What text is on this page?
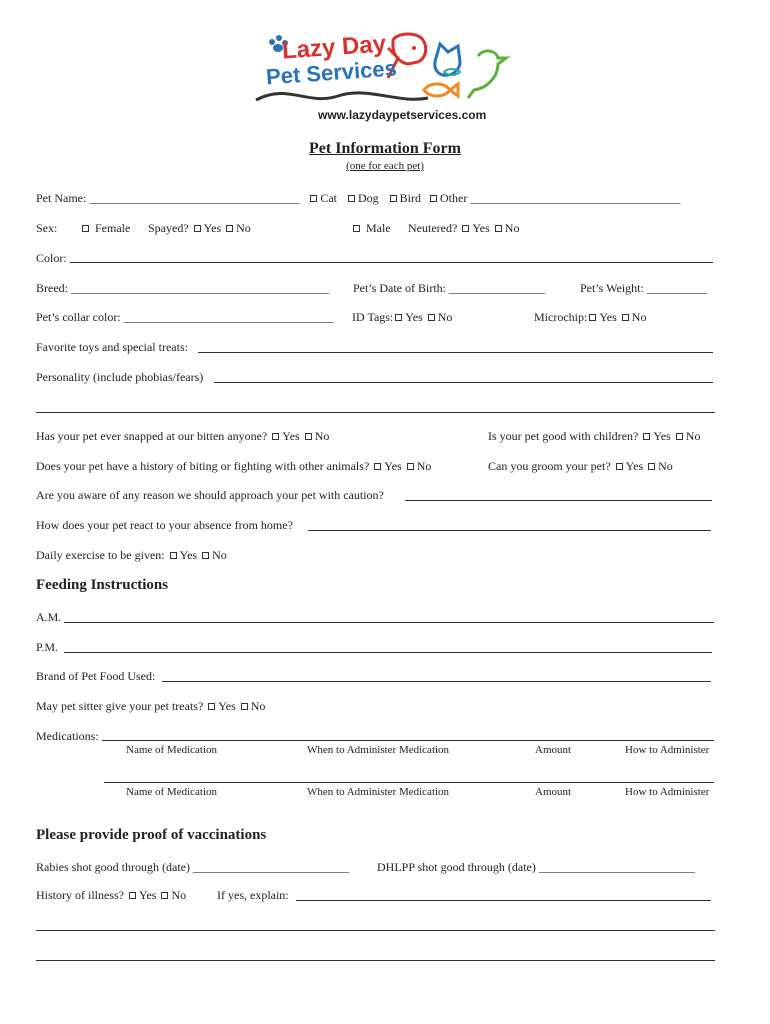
Lazy Day
Pet Services
www.lazydaypetservices.com
Pet Information Form
(one for each pet)
Pet Name: ___________________________________ Cat Dog Bird Other ___________________________________
Sex:	Female Spayed? Yes No	Male Neutered? Yes No
Color:
Breed: ___________________________________________ Pet’s Date of Birth: ________________	Pet’s Weight: __________
Pet’s collar color: ___________________________________ ID Tags: Yes No	Microchip: Yes No
Favorite toys and special treats:
Personality (include phobias/fears)
Has your pet ever snapped at our bitten anyone? Yes No	Is your pet good with children? Yes No
Does your pet have a history of biting or fighting with other animals? Yes No	Can you groom your pet? Yes No
Are you aware of any reason we should approach your pet with caution?
How does your pet react to your absence from home?
Daily exercise to be given: Yes No
Feeding Instructions
A.M.
P.M.
Brand of Pet Food Used:
May pet sitter give your pet treats? Yes No
Medications:
Name of Medication	When to Administer Medication	Amount	How to Administer
Name of Medication	When to Administer Medication	Amount	How to Administer
Please provide proof of vaccinations
Rabies shot good through (date) __________________________ DHLPP shot good through (date) __________________________
History of illness? Yes No	If yes, explain:
